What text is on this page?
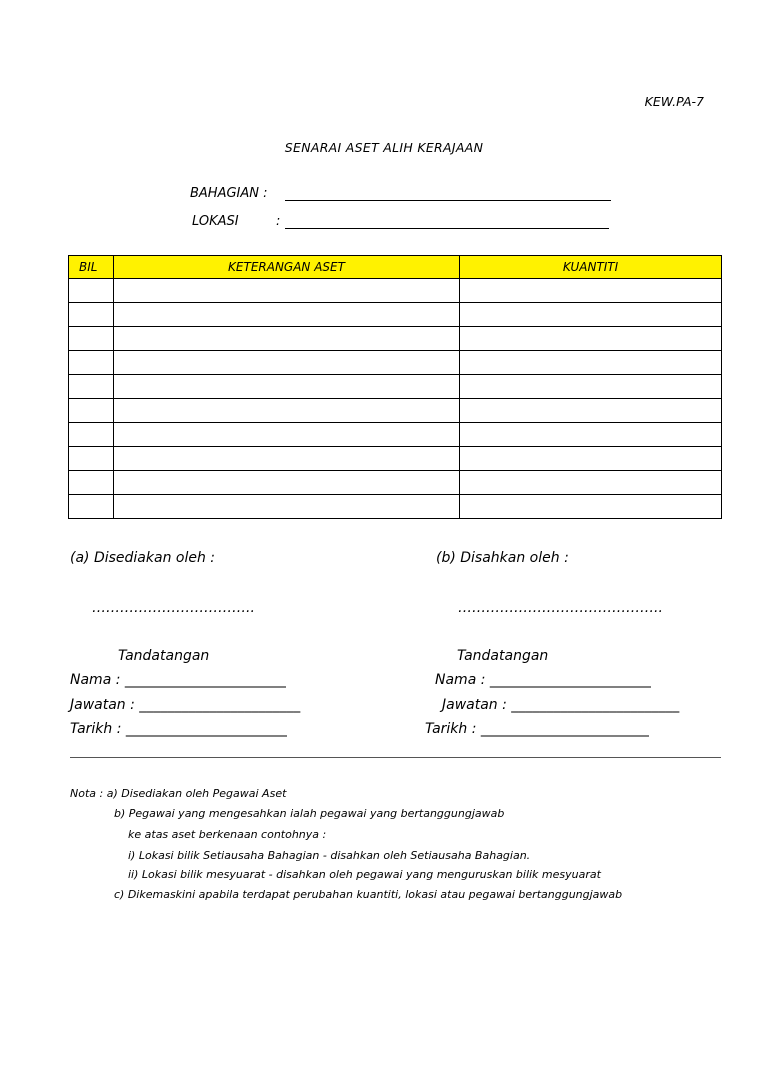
KEW.PA-7
SENARAI ASET ALIH KERAJAAN
BAHAGIAN :
LOKASI	:
BIL	KETERANGAN ASET	KUANTITI

(a) Disediakan oleh :	(b) Disahkan oleh :
……………………………..	……………………………………..
Tandatangan	Tandatangan
Nama : _______________________	Nama : _______________________
Jawatan : _______________________	Jawatan : ________________________
Tarikh : _______________________	Tarikh : ________________________
Nota : a) Disediakan oleh Pegawai Aset
b) Pegawai yang mengesahkan ialah pegawai yang bertanggungjawab
ke atas aset berkenaan contohnya :
i) Lokasi bilik Setiausaha Bahagian - disahkan oleh Setiausaha Bahagian.
ii) Lokasi bilik mesyuarat - disahkan oleh pegawai yang menguruskan bilik mesyuarat
c) Dikemaskini apabila terdapat perubahan kuantiti, lokasi atau pegawai bertanggungjawab
